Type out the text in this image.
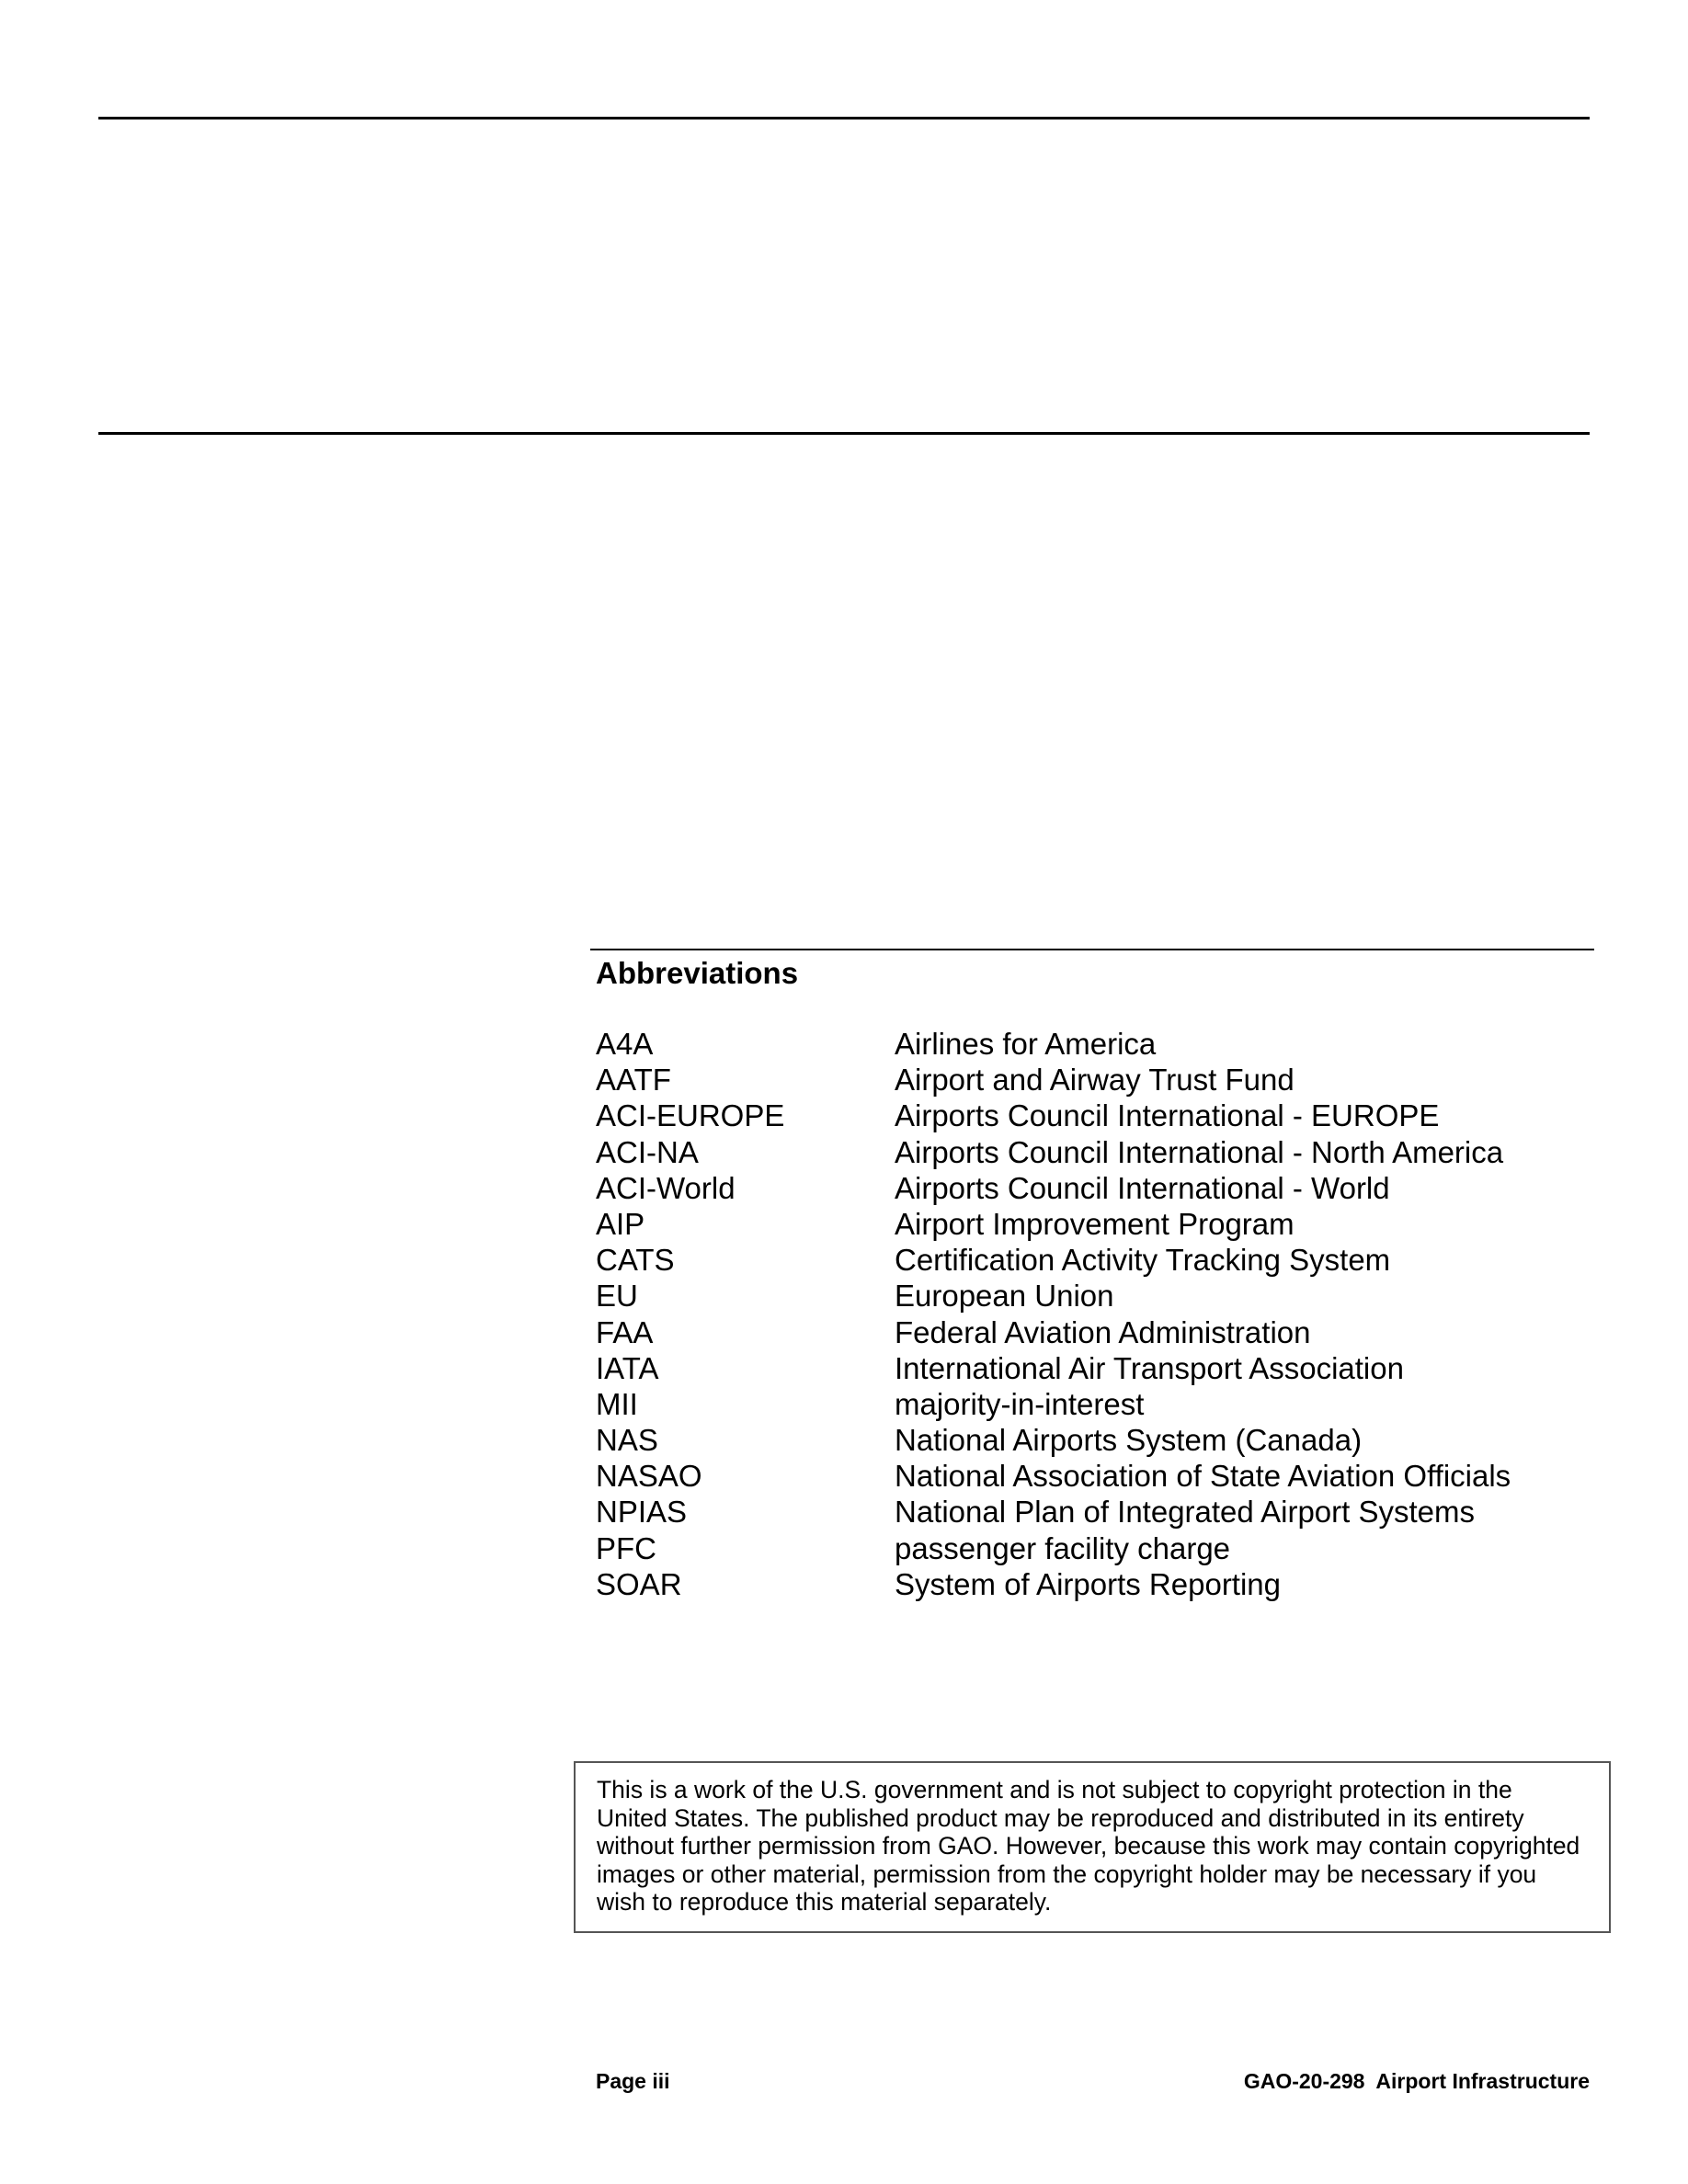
Abbreviations
A4A	Airlines for America
AATF	Airport and Airway Trust Fund
ACI-EUROPE	Airports Council International - EUROPE
ACI-NA	Airports Council International - North America
ACI-World	Airports Council International - World
AIP	Airport Improvement Program
CATS	Certification Activity Tracking System
EU	European Union
FAA	Federal Aviation Administration
IATA	International Air Transport Association
MII	majority-in-interest
NAS	National Airports System (Canada)
NASAO	National Association of State Aviation Officials
NPIAS	National Plan of Integrated Airport Systems
PFC	passenger facility charge
SOAR	System of Airports Reporting
This is a work of the U.S. government and is not subject to copyright protection in the United States. The published product may be reproduced and distributed in its entirety without further permission from GAO. However, because this work may contain copyrighted images or other material, permission from the copyright holder may be necessary if you wish to reproduce this material separately.
Page iii	GAO-20-298  Airport Infrastructure
